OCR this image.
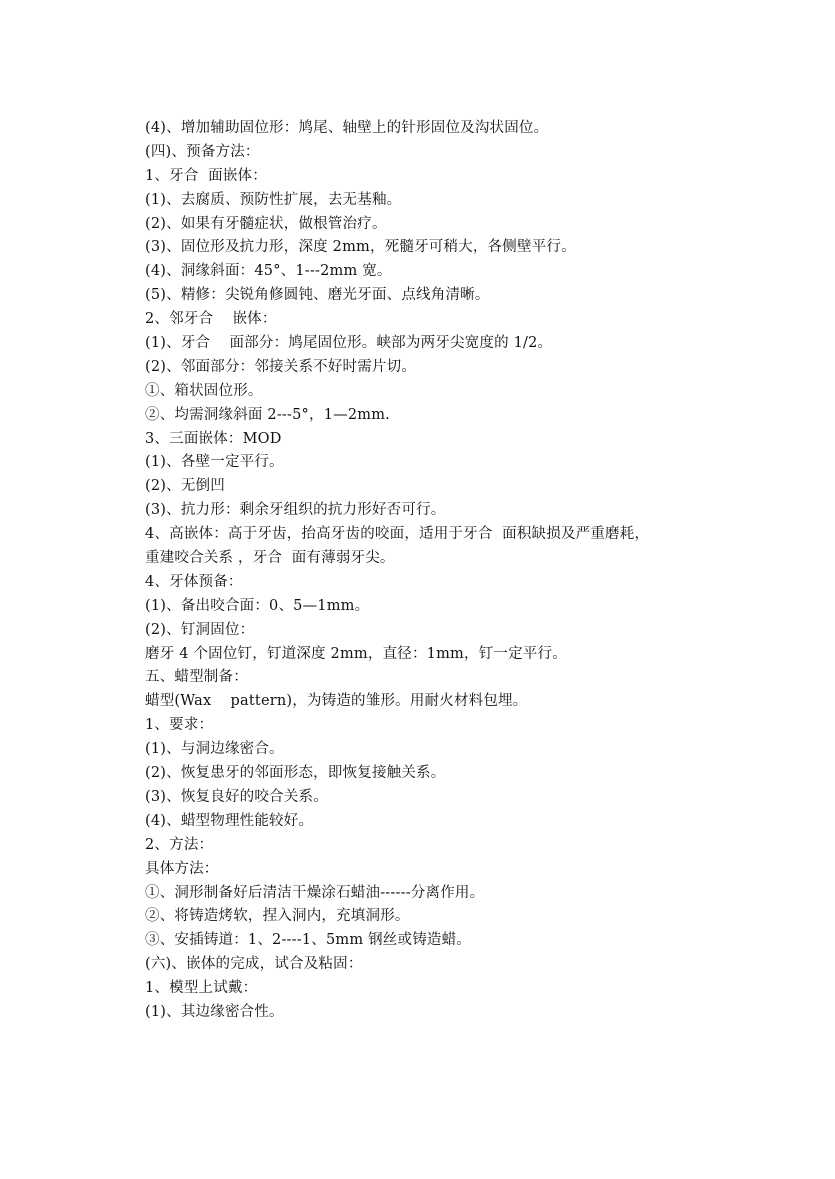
(4)、增加辅助固位形：鸠尾、轴壁上的针形固位及沟状固位。
(四)、预备方法：
1、牙合  面嵌体：
(1)、去腐质、预防性扩展，去无基釉。
(2)、如果有牙髓症状，做根管治疗。
(3)、固位形及抗力形，深度 2mm，死髓牙可稍大，各侧壁平行。
(4)、洞缘斜面：45°、1---2mm 宽。
(5)、精修：尖锐角修圆钝、磨光牙面、点线角清晰。
2、邻牙合    嵌体：
(1)、牙合    面部分：鸠尾固位形。峡部为两牙尖宽度的 1/2。
(2)、邻面部分：邻接关系不好时需片切。
①、箱状固位形。
②、均需洞缘斜面 2---5°，1—2mm.
3、三面嵌体：MOD
(1)、各壁一定平行。
(2)、无倒凹
(3)、抗力形：剩余牙组织的抗力形好否可行。
4、高嵌体：高于牙齿，抬高牙齿的咬面，适用于牙合  面积缺损及严重磨耗，
重建咬合关系 ，牙合  面有薄弱牙尖。
4、牙体预备：
(1)、备出咬合面：0、5—1mm。
(2)、钉洞固位：
磨牙 4 个固位钉，钉道深度 2mm，直径：1mm，钉一定平行。
五、蜡型制备：
蜡型(Wax    pattern)，为铸造的雏形。用耐火材料包埋。
1、要求：
(1)、与洞边缘密合。
(2)、恢复患牙的邻面形态，即恢复接触关系。
(3)、恢复良好的咬合关系。
(4)、蜡型物理性能较好。
2、方法：
具体方法：
①、洞形制备好后清洁干燥涂石蜡油------分离作用。
②、将铸造烤软，捏入洞内，充填洞形。
③、安插铸道：1、2----1、5mm 钢丝或铸造蜡。
(六)、嵌体的完成，试合及粘固：
1、模型上试戴：
(1)、其边缘密合性。
